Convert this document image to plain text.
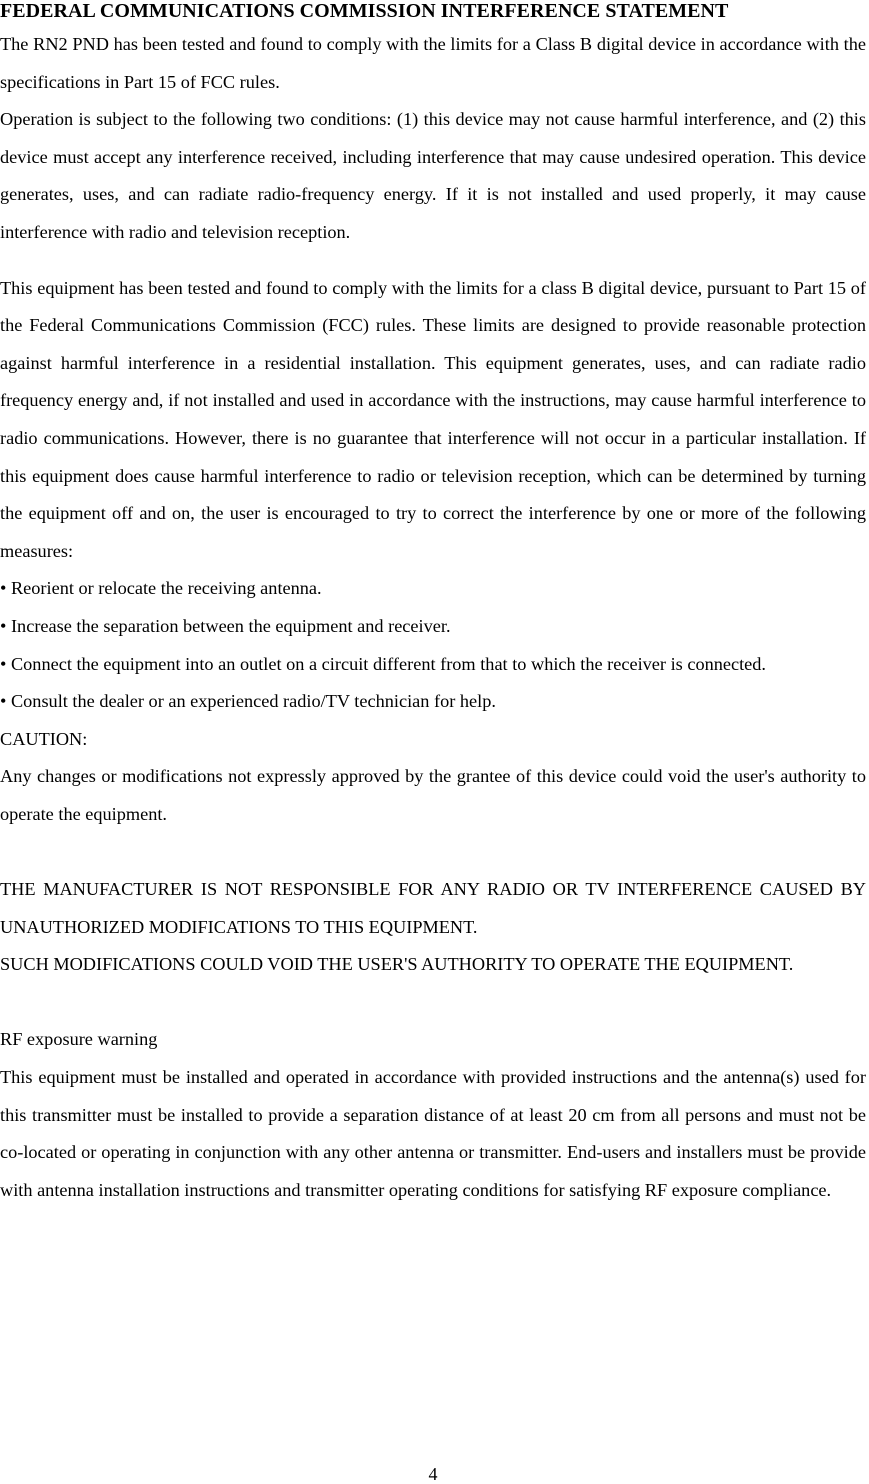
FEDERAL COMMUNICATIONS COMMISSION INTERFERENCE STATEMENT

The RN2 PND has been tested and found to comply with the limits for a Class B digital device in accordance with the specifications in Part 15 of FCC rules.

Operation is subject to the following two conditions: (1) this device may not cause harmful interference, and (2) this device must accept any interference received, including interference that may cause undesired operation. This device generates, uses, and can radiate radio-frequency energy. If it is not installed and used properly, it may cause interference with radio and television reception.

This equipment has been tested and found to comply with the limits for a class B digital device, pursuant to Part 15 of the Federal Communications Commission (FCC) rules. These limits are designed to provide reasonable protection against harmful interference in a residential installation. This equipment generates, uses, and can radiate radio frequency energy and, if not installed and used in accordance with the instructions, may cause harmful interference to radio communications. However, there is no guarantee that interference will not occur in a particular installation. If this equipment does cause harmful interference to radio or television reception, which can be determined by turning the equipment off and on, the user is encouraged to try to correct the interference by one or more of the following measures:

• Reorient or relocate the receiving antenna.

• Increase the separation between the equipment and receiver.

• Connect the equipment into an outlet on a circuit different from that to which the receiver is connected.

• Consult the dealer or an experienced radio/TV technician for help.

CAUTION:

Any changes or modifications not expressly approved by the grantee of this device could void the user's authority to operate the equipment.

THE MANUFACTURER IS NOT RESPONSIBLE FOR ANY RADIO OR TV INTERFERENCE CAUSED BY UNAUTHORIZED MODIFICATIONS TO THIS EQUIPMENT.

SUCH MODIFICATIONS COULD VOID THE USER'S AUTHORITY TO OPERATE THE EQUIPMENT.

RF exposure warning

This equipment must be installed and operated in accordance with provided instructions and the antenna(s) used for this transmitter must be installed to provide a separation distance of at least 20 cm from all persons and must not be co-located or operating in conjunction with any other antenna or transmitter. End-users and installers must be provide with antenna installation instructions and transmitter operating conditions for satisfying RF exposure compliance.

4
